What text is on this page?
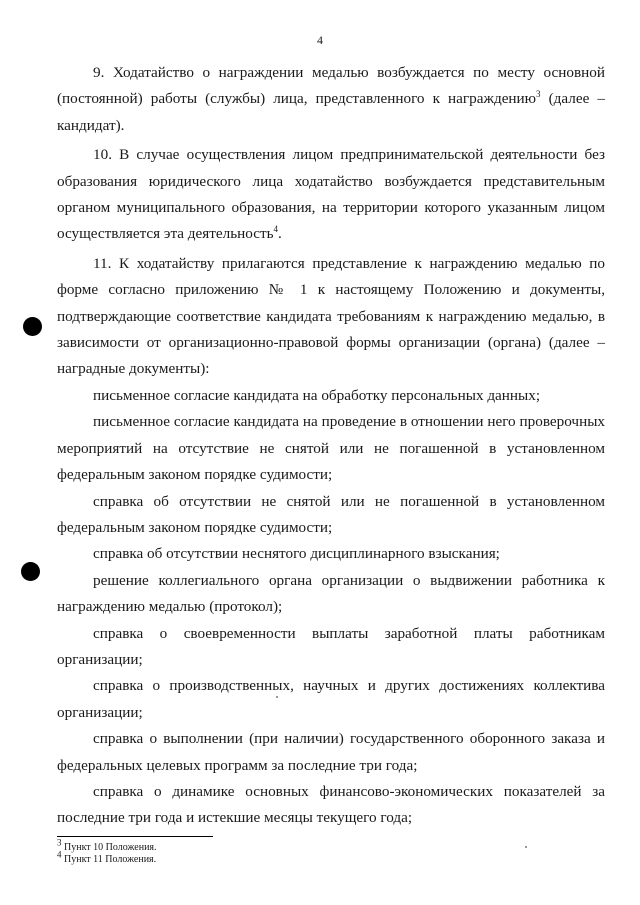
4

9. Ходатайство о награждении медалью возбуждается по месту основной (постоянной) работы (службы) лица, представленного к награждению$^3$ (далее – кандидат).

10. В случае осуществления лицом предпринимательской деятельности без образования юридического лица ходатайство возбуждается представительным органом муниципального образования, на территории которого указанным лицом осуществляется эта деятельность$^4$.

11. К ходатайству прилагаются представление к награждению медалью по форме согласно приложению № 1 к настоящему Положению и документы, подтверждающие соответствие кандидата требованиям к награждению медалью, в зависимости от организационно-правовой формы организации (органа) (далее – наградные документы):

письменное согласие кандидата на обработку персональных данных;

письменное согласие кандидата на проведение в отношении него проверочных мероприятий на отсутствие не снятой или не погашенной в установленном федеральным законом порядке судимости;

справка об отсутствии не снятой или не погашенной в установленном федеральным законом порядке судимости;

справка об отсутствии неснятого дисциплинарного взыскания;

решение коллегиального органа организации о выдвижении работника к награждению медалью (протокол);

справка о своевременности выплаты заработной платы работникам организации;

справка о производственных, научных и других достижениях коллектива организации;

справка о выполнении (при наличии) государственного оборонного заказа и федеральных целевых программ за последние три года;

справка о динамике основных финансово-экономических показателей за последние три года и истекшие месяцы текущего года;

$^3$ Пункт 10 Положения.
$^4$ Пункт 11 Положения.
